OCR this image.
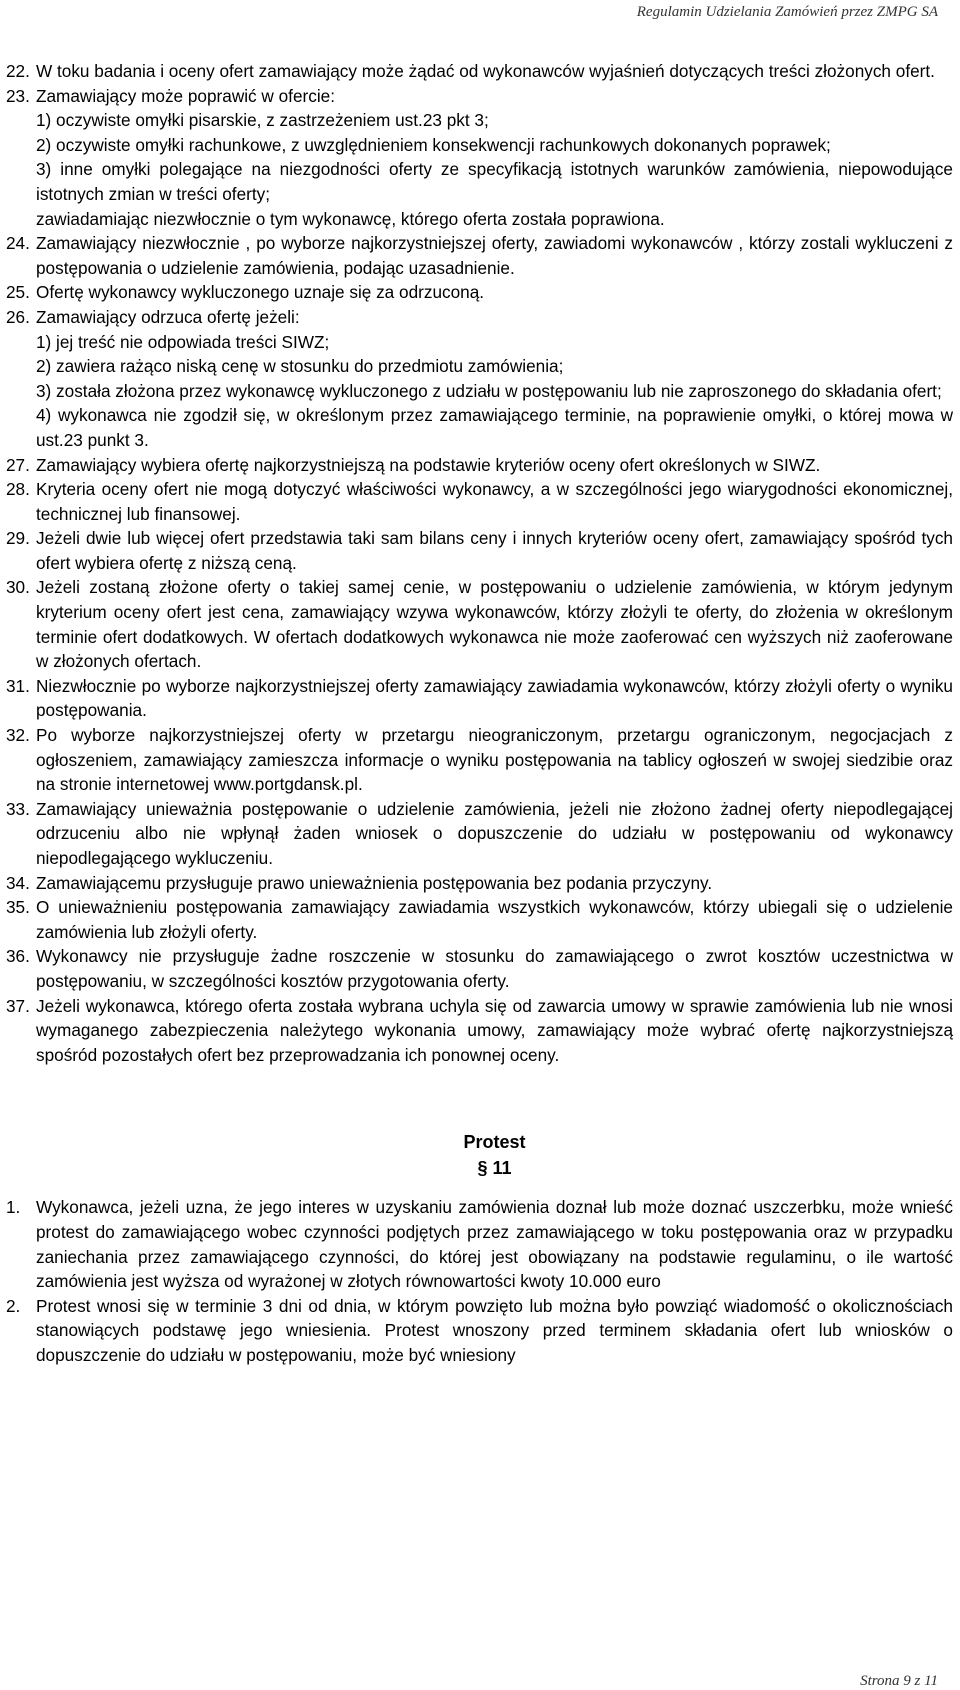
Regulamin Udzielania Zamówień przez ZMPG SA
22. W toku badania i oceny ofert zamawiający może żądać od wykonawców wyjaśnień dotyczących treści złożonych ofert.
23. Zamawiający może poprawić w ofercie:
1) oczywiste omyłki pisarskie, z zastrzeżeniem ust.23 pkt 3;
2) oczywiste omyłki rachunkowe, z uwzględnieniem konsekwencji rachunkowych dokonanych poprawek;
3) inne omyłki polegające na niezgodności oferty ze specyfikacją istotnych warunków zamówienia, niepowodujące istotnych zmian w treści oferty;
zawiadamiając niezwłocznie o tym wykonawcę, którego oferta została poprawiona.
24. Zamawiający niezwłocznie , po wyborze najkorzystniejszej oferty, zawiadomi wykonawców , którzy zostali wykluczeni z postępowania o udzielenie zamówienia, podając uzasadnienie.
25. Ofertę wykonawcy wykluczonego uznaje się za odrzuconą.
26. Zamawiający odrzuca ofertę jeżeli:
1) jej treść nie odpowiada treści SIWZ;
2) zawiera rażąco niską cenę w stosunku do przedmiotu zamówienia;
3) została złożona przez wykonawcę wykluczonego z udziału w postępowaniu lub nie zaproszonego do składania ofert;
4) wykonawca nie zgodził się, w określonym przez zamawiającego terminie, na poprawienie omyłki, o której mowa w ust.23 punkt 3.
27. Zamawiający wybiera ofertę najkorzystniejszą na podstawie kryteriów oceny ofert określonych w SIWZ.
28. Kryteria oceny ofert nie mogą dotyczyć właściwości wykonawcy, a w szczególności jego wiarygodności ekonomicznej, technicznej lub finansowej.
29. Jeżeli dwie lub więcej ofert przedstawia taki sam bilans ceny i innych kryteriów oceny ofert, zamawiający spośród tych ofert wybiera ofertę z niższą ceną.
30. Jeżeli zostaną złożone oferty o takiej samej cenie, w postępowaniu o udzielenie zamówienia, w którym jedynym kryterium oceny ofert jest cena, zamawiający wzywa wykonawców, którzy złożyli te oferty, do złożenia w określonym terminie ofert dodatkowych. W ofertach dodatkowych wykonawca nie może zaoferować cen wyższych niż zaoferowane w złożonych ofertach.
31. Niezwłocznie po wyborze najkorzystniejszej oferty zamawiający zawiadamia wykonawców, którzy złożyli oferty o wyniku postępowania.
32. Po wyborze najkorzystniejszej oferty w przetargu nieograniczonym, przetargu ograniczonym, negocjacjach z ogłoszeniem, zamawiający zamieszcza informacje o wyniku postępowania na tablicy ogłoszeń w swojej siedzibie oraz na stronie internetowej www.portgdansk.pl.
33. Zamawiający unieważnia postępowanie o udzielenie zamówienia, jeżeli nie złożono żadnej oferty niepodlegającej odrzuceniu albo nie wpłynął żaden wniosek o dopuszczenie do udziału w postępowaniu od wykonawcy niepodlegającego wykluczeniu.
34. Zamawiającemu przysługuje prawo unieważnienia postępowania bez podania przyczyny.
35. O unieważnieniu postępowania zamawiający zawiadamia wszystkich wykonawców, którzy ubiegali się o udzielenie zamówienia lub złożyli oferty.
36. Wykonawcy nie przysługuje żadne roszczenie w stosunku do zamawiającego o zwrot kosztów uczestnictwa w postępowaniu, w szczególności kosztów przygotowania oferty.
37. Jeżeli wykonawca, którego oferta została wybrana uchyla się od zawarcia umowy w sprawie zamówienia lub nie wnosi wymaganego zabezpieczenia należytego wykonania umowy, zamawiający może wybrać ofertę najkorzystniejszą spośród pozostałych ofert bez przeprowadzania ich ponownej oceny.
Protest
§ 11
1. Wykonawca, jeżeli uzna, że jego interes w uzyskaniu zamówienia doznał lub może doznać uszczerbku, może wnieść protest do zamawiającego wobec czynności podjętych przez zamawiającego w toku postępowania oraz w przypadku zaniechania przez zamawiającego czynności, do której jest obowiązany na podstawie regulaminu, o ile wartość zamówienia jest wyższa od wyrażonej w złotych równowartości kwoty 10.000 euro
2. Protest wnosi się w terminie 3 dni od dnia, w którym powzięto lub można było powziąć wiadomość o okolicznościach stanowiących podstawę jego wniesienia. Protest wnoszony przed terminem składania ofert lub wniosków o dopuszczenie do udziału w postępowaniu, może być wniesiony
Strona 9 z 11
